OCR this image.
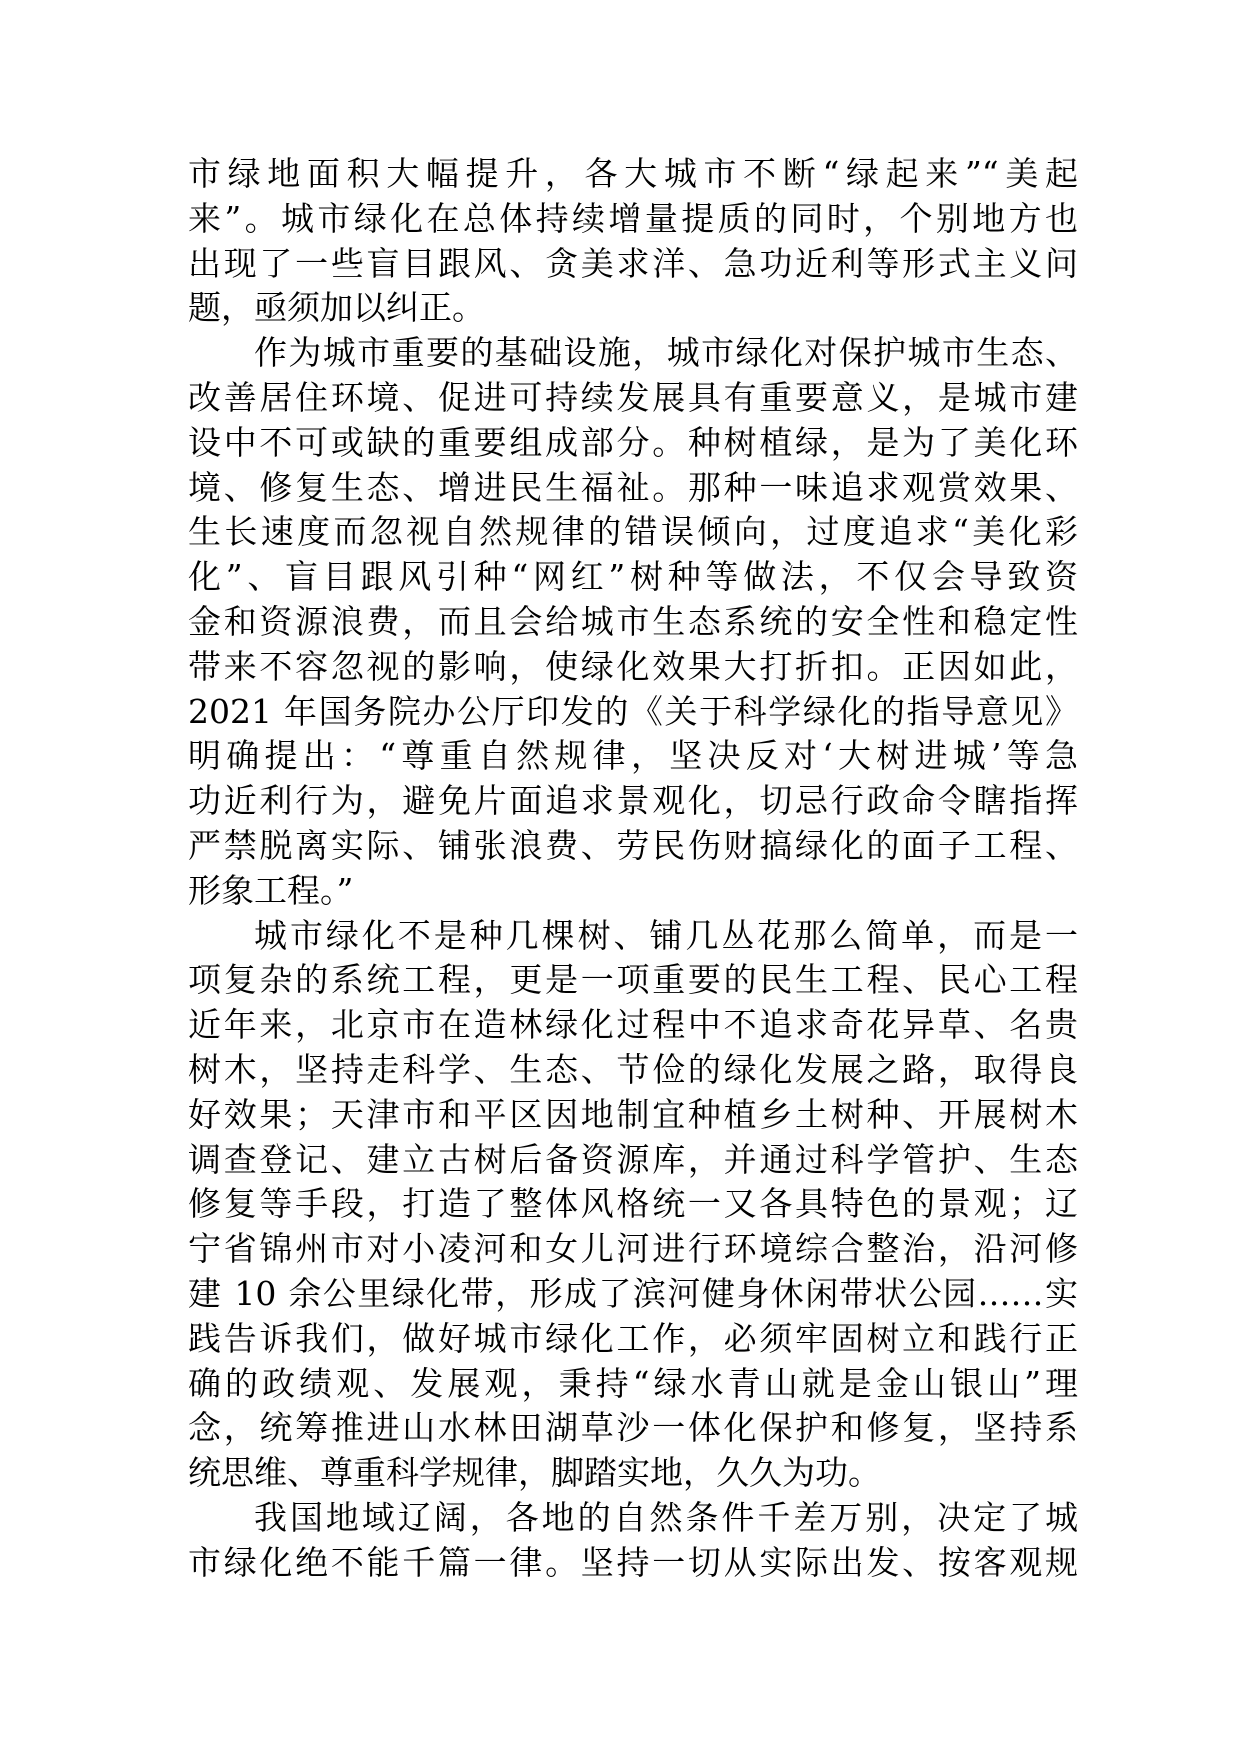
市绿地面积大幅提升，各大城市不断“绿起来”“美起
来”。城市绿化在总体持续增量提质的同时，个别地方也
出现了一些盲目跟风、贪美求洋、急功近利等形式主义问
题，亟须加以纠正。
作为城市重要的基础设施，城市绿化对保护城市生态、
改善居住环境、促进可持续发展具有重要意义，是城市建
设中不可或缺的重要组成部分。种树植绿，是为了美化环
境、修复生态、增进民生福祉。那种一味追求观赏效果、
生长速度而忽视自然规律的错误倾向，过度追求“美化彩
化”、盲目跟风引种“网红”树种等做法，不仅会导致资
金和资源浪费，而且会给城市生态系统的安全性和稳定性
带来不容忽视的影响，使绿化效果大打折扣。正因如此，
2021 年国务院办公厅印发的《关于科学绿化的指导意见》
明确提出：“尊重自然规律，坚决反对‘大树进城’等急
功近利行为，避免片面追求景观化，切忌行政命令瞎指挥
严禁脱离实际、铺张浪费、劳民伤财搞绿化的面子工程、
形象工程。”
城市绿化不是种几棵树、铺几丛花那么简单，而是一
项复杂的系统工程，更是一项重要的民生工程、民心工程
近年来，北京市在造林绿化过程中不追求奇花异草、名贵
树木，坚持走科学、生态、节俭的绿化发展之路，取得良
好效果；天津市和平区因地制宜种植乡土树种、开展树木
调查登记、建立古树后备资源库，并通过科学管护、生态
修复等手段，打造了整体风格统一又各具特色的景观；辽
宁省锦州市对小凌河和女儿河进行环境综合整治，沿河修
建 10 余公里绿化带，形成了滨河健身休闲带状公园……实
践告诉我们，做好城市绿化工作，必须牢固树立和践行正
确的政绩观、发展观，秉持“绿水青山就是金山银山”理
念，统筹推进山水林田湖草沙一体化保护和修复，坚持系
统思维、尊重科学规律，脚踏实地，久久为功。
我国地域辽阔，各地的自然条件千差万别，决定了城
市绿化绝不能千篇一律。坚持一切从实际出发、按客观规
